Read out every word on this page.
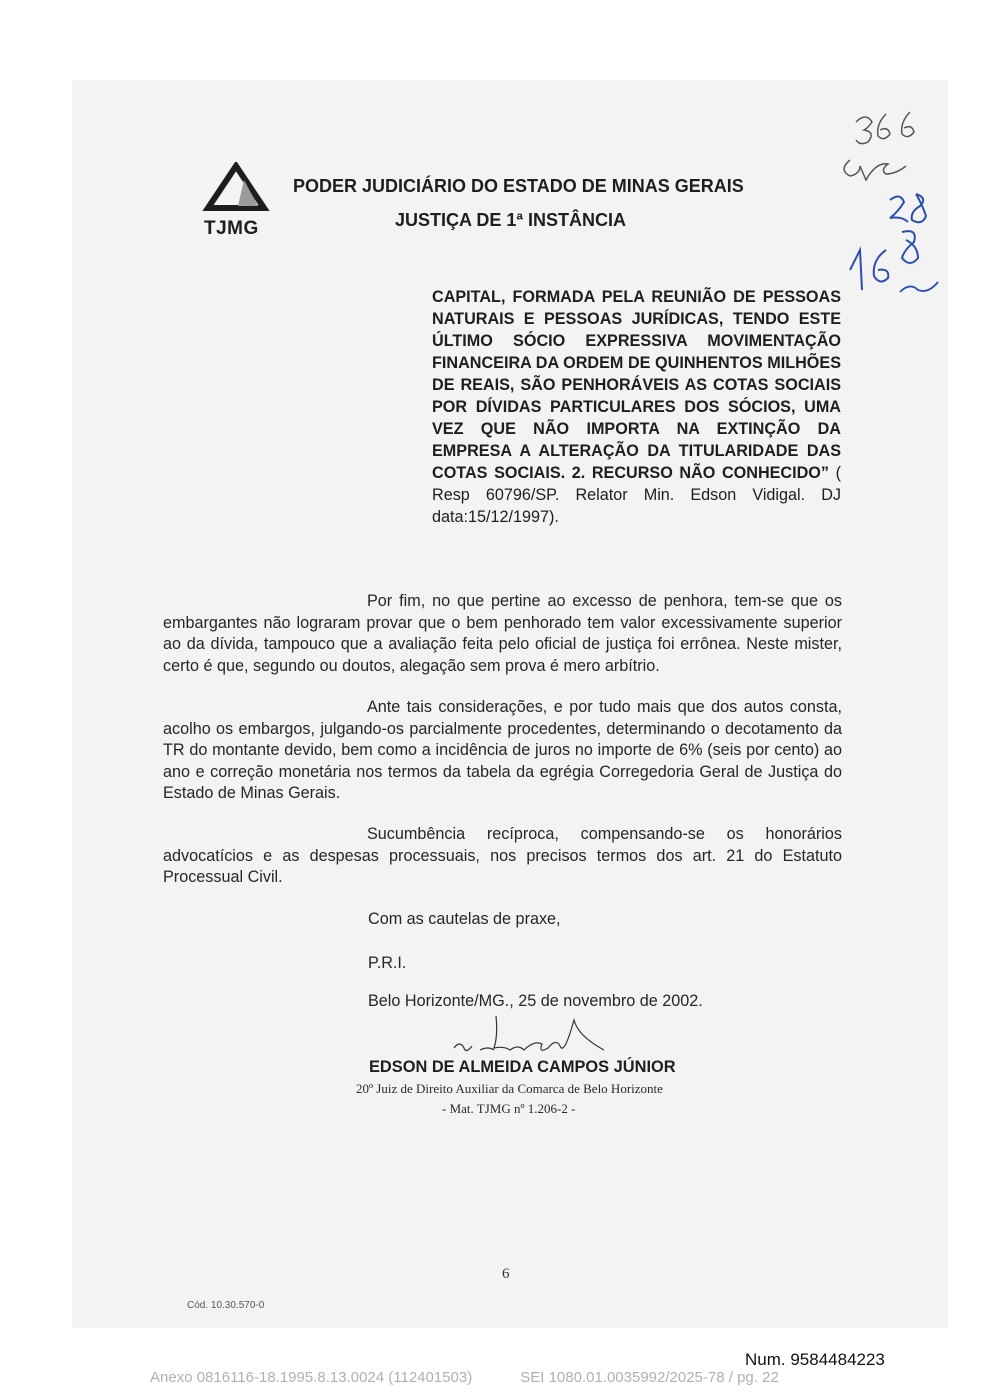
TJMG
PODER JUDICIÁRIO DO ESTADO DE MINAS GERAIS
JUSTIÇA DE 1ª INSTÂNCIA
CAPITAL, FORMADA PELA REUNIÃO DE PESSOAS NATURAIS E PESSOAS JURÍDICAS, TENDO ESTE ÚLTIMO SÓCIO EXPRESSIVA MOVIMENTAÇÃO FINANCEIRA DA ORDEM DE QUINHENTOS MILHÕES DE REAIS, SÃO PENHORÁVEIS AS COTAS SOCIAIS POR DÍVIDAS PARTICULARES DOS SÓCIOS, UMA VEZ QUE NÃO IMPORTA NA EXTINÇÃO DA EMPRESA A ALTERAÇÃO DA TITULARIDADE DAS COTAS SOCIAIS. 2. RECURSO NÃO CONHECIDO” ( Resp 60796/SP. Relator Min. Edson Vidigal. DJ data:15/12/1997).
Por fim, no que pertine ao excesso de penhora, tem-se que os embargantes não lograram provar que o bem penhorado tem valor excessivamente superior ao da dívida, tampouco que a avaliação feita pelo oficial de justiça foi errônea. Neste mister, certo é que, segundo ou doutos, alegação sem prova é mero arbítrio.
Ante tais considerações, e por tudo mais que dos autos consta, acolho os embargos, julgando-os parcialmente procedentes, determinando o decotamento da TR do montante devido, bem como a incidência de juros no importe de 6% (seis por cento) ao ano e correção monetária nos termos da tabela da egrégia Corregedoria Geral de Justiça do Estado de Minas Gerais.
Sucumbência recíproca, compensando-se os honorários advocatícios e as despesas processuais, nos precisos termos dos art. 21 do Estatuto Processual Civil.
Com as cautelas de praxe,
P.R.I.
Belo Horizonte/MG., 25 de novembro de 2002.
EDSON DE ALMEIDA CAMPOS JÚNIOR
20º Juiz de Direito Auxiliar da Comarca de Belo Horizonte
- Mat. TJMG nº 1.206-2 -
6
Cód. 10.30.570-0
Num. 9584484223
Anexo 0816116-18.1995.8.13.0024 (112401503)	SEI 1080.01.0035992/2025-78 / pg. 22
